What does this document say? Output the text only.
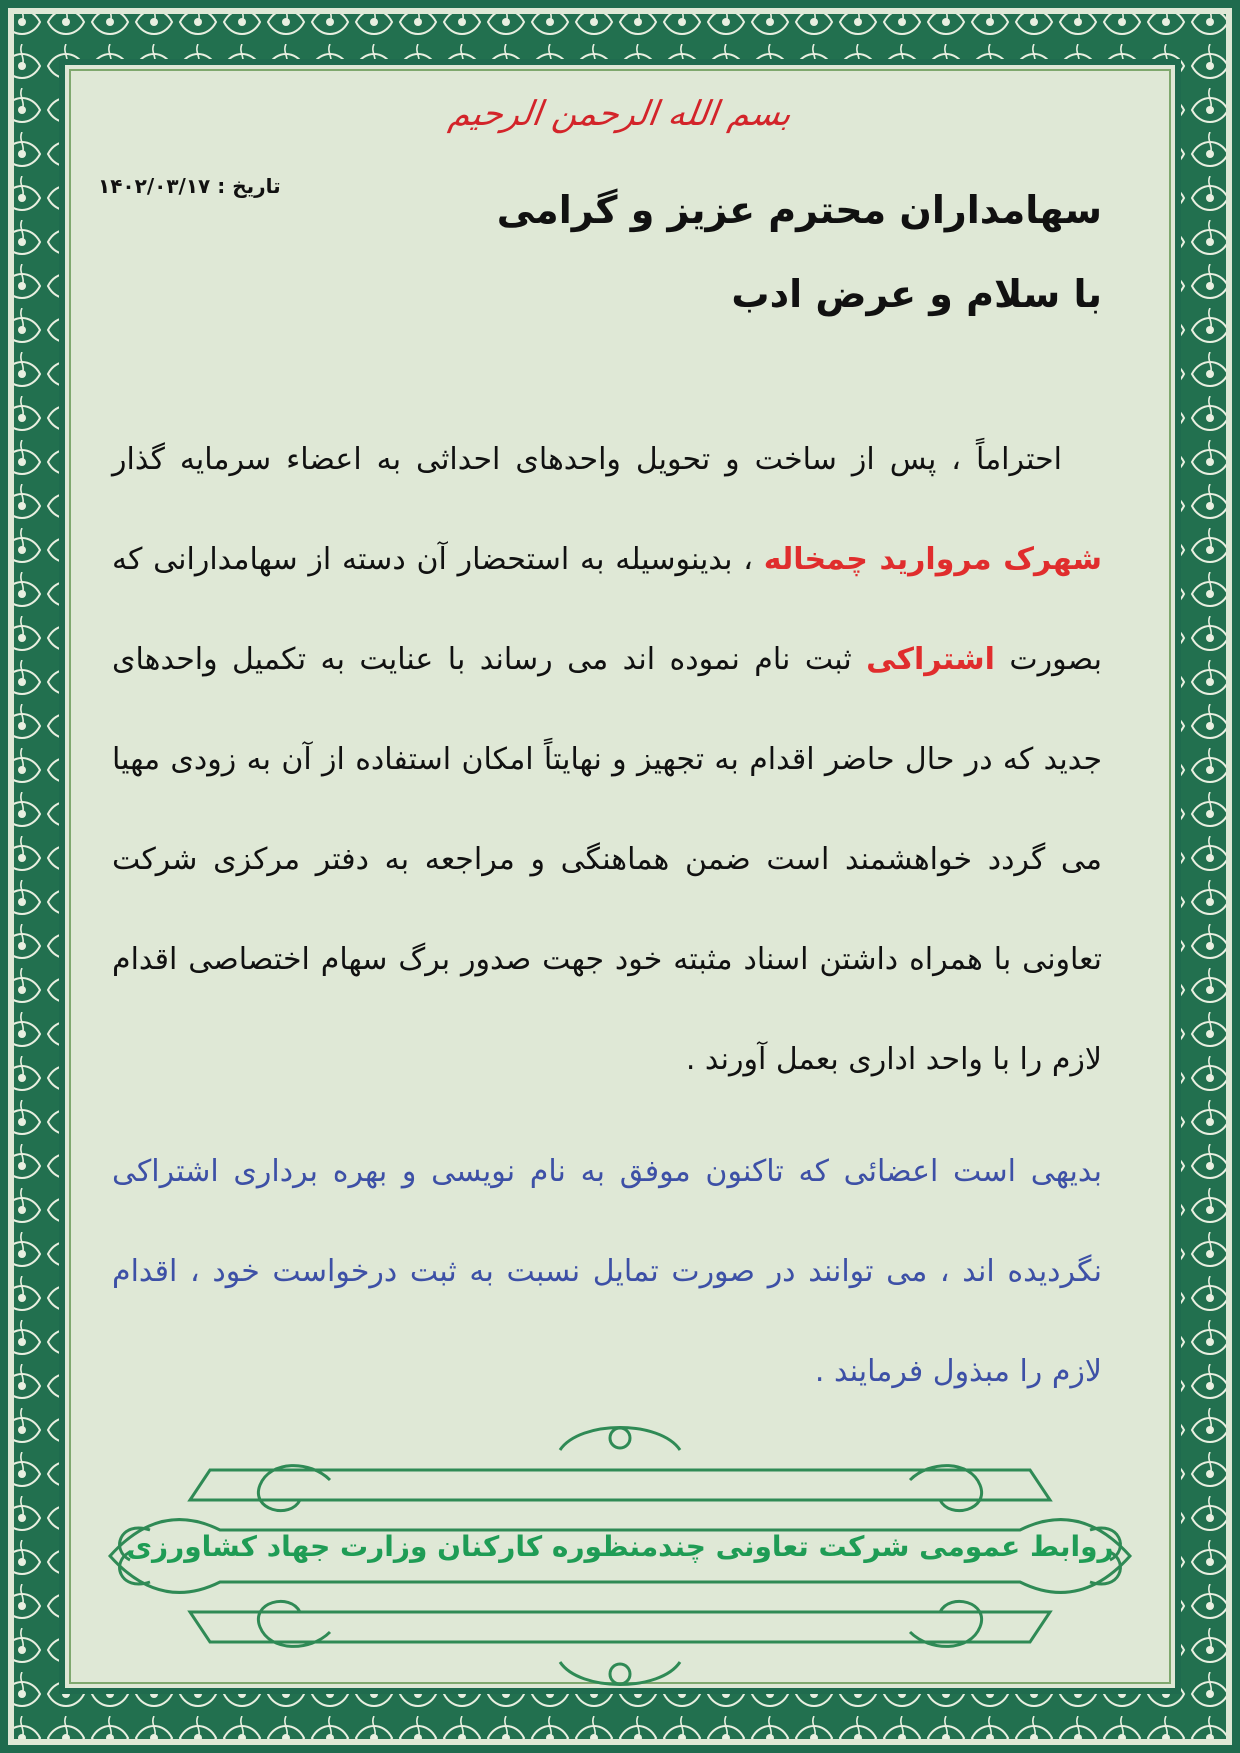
بسم الله الرحمن الرحیم
تاریخ : ۱۴۰۲/۰۳/۱۷
سهامداران محترم عزیز و گرامی
با سلام و عرض ادب

احتراماً ، پس از ساخت و تحویل واحدهای احداثی به اعضاء سرمایه گذار شهرک مروارید چمخاله ، بدینوسیله به استحضار آن دسته از سهامدارانی که بصورت اشتراکی ثبت نام نموده اند می رساند با عنایت به تکمیل واحدهای جدید که در حال حاضر اقدام به تجهیز و نهایتاً امکان استفاده از آن به زودی مهیا می گردد خواهشمند است ضمن هماهنگی و مراجعه به دفتر مرکزی شرکت تعاونی با همراه داشتن اسناد مثبته خود جهت صدور برگ سهام اختصاصی اقدام لازم را با واحد اداری بعمل آورند .

بدیهی است اعضائی که تاکنون موفق به نام نویسی و بهره برداری اشتراکی نگردیده اند ، می توانند در صورت تمایل نسبت به ثبت درخواست خود ، اقدام لازم را مبذول فرمایند .

روابط عمومی شرکت تعاونی چندمنظوره کارکنان وزارت جهاد کشاورزی
